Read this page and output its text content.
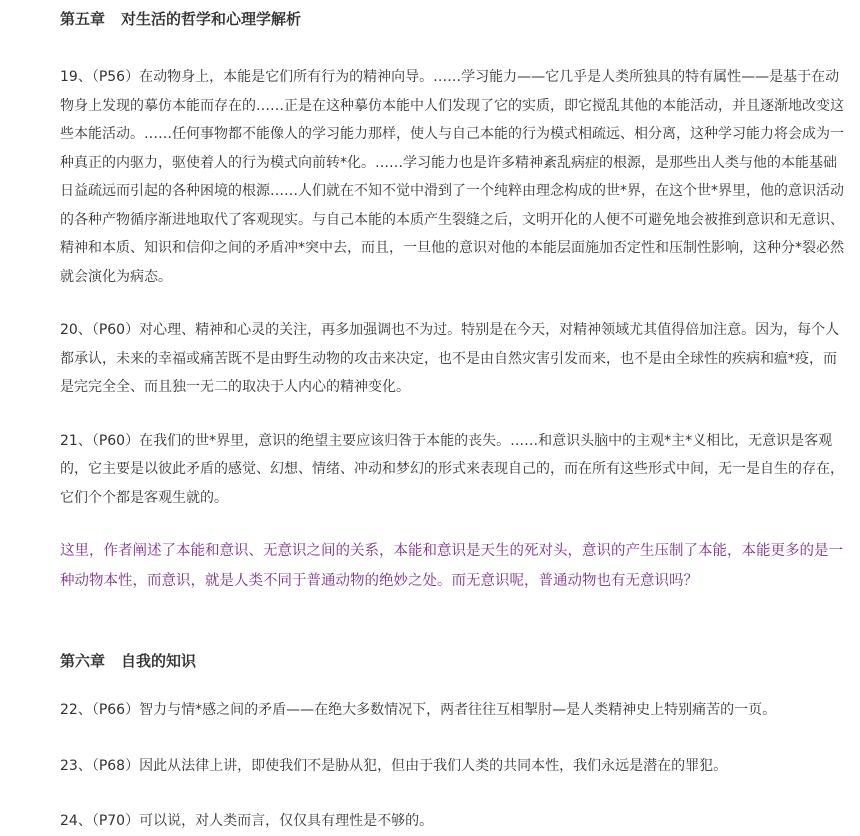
第五章 对生活的哲学和心理学解析

19、（P56）在动物身上，本能是它们所有行为的精神向导。……学习能力——它几乎是人类所独具的特有属性——是基于在动物身上发现的摹仿本能而存在的……正是在这种摹仿本能中人们发现了它的实质，即它搅乱其他的本能活动，并且逐渐地改变这些本能活动。……任何事物都不能像人的学习能力那样，使人与自己本能的行为模式相疏远、相分离，这种学习能力将会成为一种真正的内驱力，驱使着人的行为模式向前转*化。……学习能力也是许多精神紊乱病症的根源，是那些出人类与他的本能基础日益疏远而引起的各种困境的根源……人们就在不知不觉中滑到了一个纯粹由理念构成的世*界，在这个世*界里，他的意识活动的各种产物循序渐进地取代了客观现实。与自己本能的本质产生裂缝之后，文明开化的人便不可避免地会被推到意识和无意识、精神和本质、知识和信仰之间的矛盾冲*突中去，而且，一旦他的意识对他的本能层面施加否定性和压制性影响，这种分*裂必然就会演化为病态。

20、（P60）对心理、精神和心灵的关注，再多加强调也不为过。特别是在今天，对精神领域尤其值得倍加注意。因为，每个人都承认，未来的幸福或痛苦既不是由野生动物的攻击来决定，也不是由自然灾害引发而来，也不是由全球性的疾病和瘟*疫，而是完完全全、而且独一无二的取决于人内心的精神变化。

21、（P60）在我们的世*界里，意识的绝望主要应该归咎于本能的丧失。……和意识头脑中的主观*主*义相比，无意识是客观的，它主要是以彼此矛盾的感觉、幻想、情绪、冲动和梦幻的形式来表现自己的，而在所有这些形式中间，无一是自生的存在，它们个个都是客观生就的。

这里，作者阐述了本能和意识、无意识之间的关系，本能和意识是天生的死对头，意识的产生压制了本能，本能更多的是一种动物本性，而意识，就是人类不同于普通动物的绝妙之处。而无意识呢，普通动物也有无意识吗？

第六章 自我的知识

22、（P66）智力与情*感之间的矛盾——在绝大多数情况下，两者往往互相掣肘—是人类精神史上特别痛苦的一页。

23、（P68）因此从法律上讲，即使我们不是胁从犯，但由于我们人类的共同本性，我们永远是潜在的罪犯。

24、（P70）可以说，对人类而言，仅仅具有理性是不够的。
